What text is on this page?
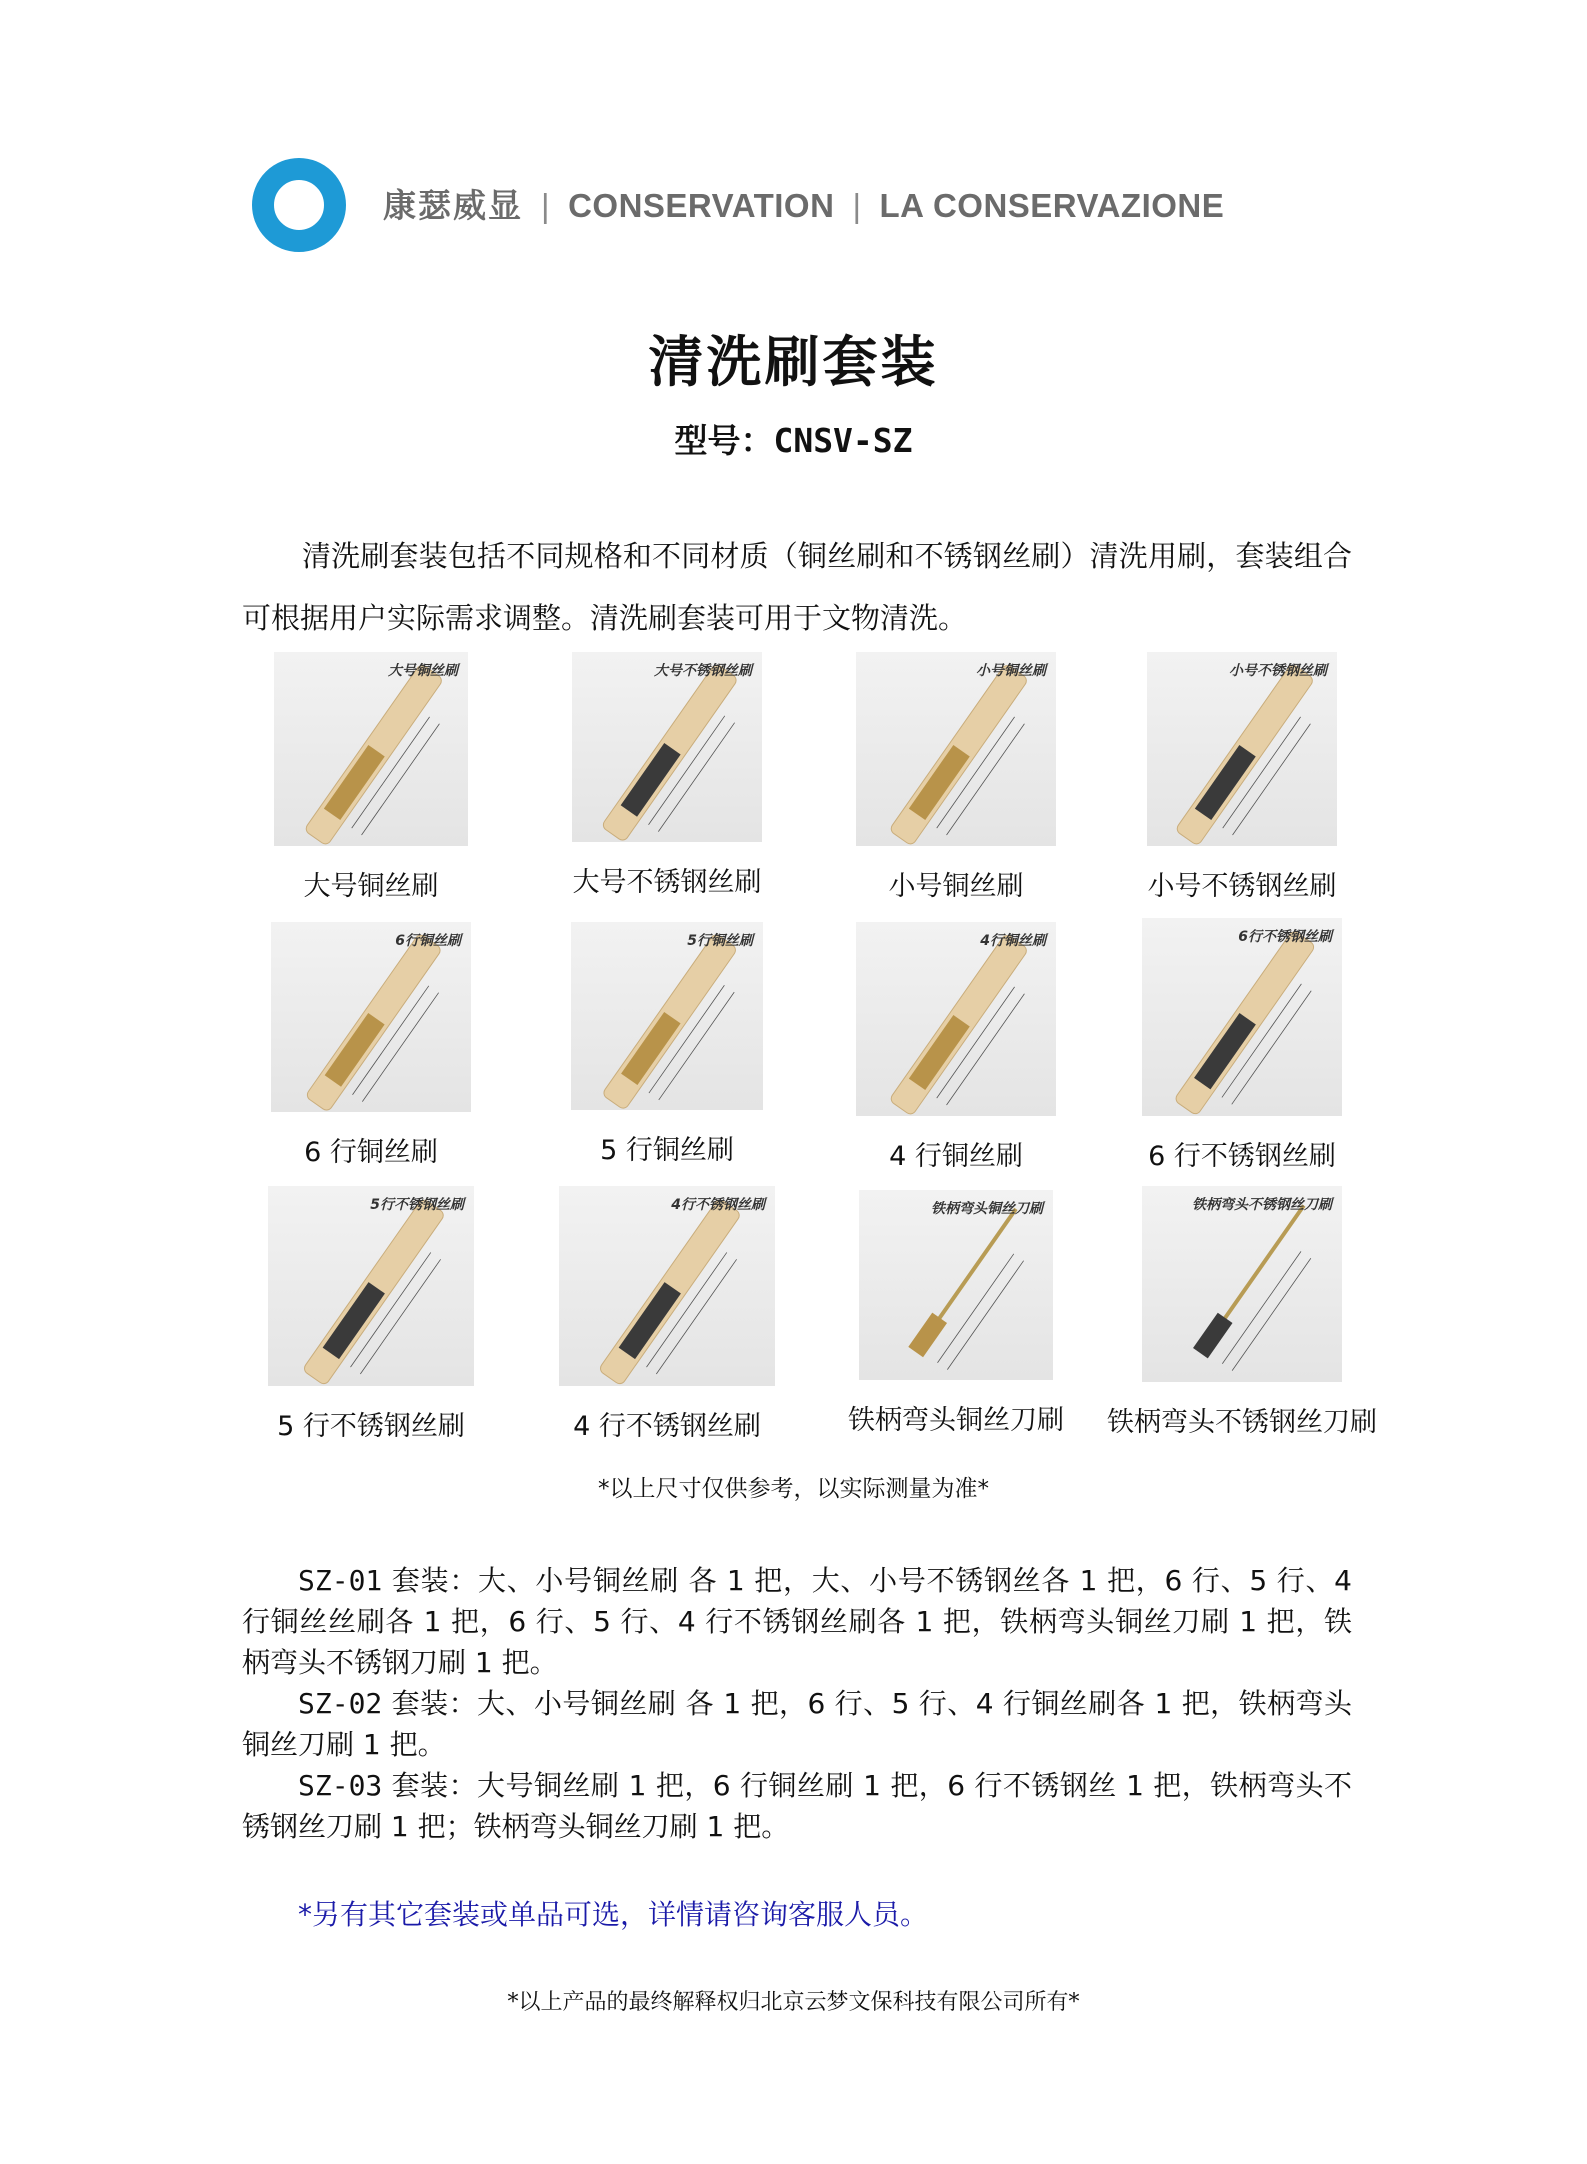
康瑟威显 | CONSERVATION | LA CONSERVAZIONE
清洗刷套装
型号：CNSV-SZ
清洗刷套装包括不同规格和不同材质（铜丝刷和不锈钢丝刷）清洗用刷，套装组合可根据用户实际需求调整。清洗刷套装可用于文物清洗。
大号铜丝刷
大号铜丝刷
大号不锈钢丝刷
大号不锈钢丝刷
小号铜丝刷
小号铜丝刷
小号不锈钢丝刷
小号不锈钢丝刷
6行铜丝刷
6 行铜丝刷
5行铜丝刷
5 行铜丝刷
4行铜丝刷
4 行铜丝刷
6行不锈钢丝刷
6 行不锈钢丝刷
5行不锈钢丝刷
5 行不锈钢丝刷
4行不锈钢丝刷
4 行不锈钢丝刷
铁柄弯头铜丝刀刷
铁柄弯头铜丝刀刷
铁柄弯头不锈钢丝刀刷
铁柄弯头不锈钢丝刀刷
*以上尺寸仅供参考，以实际测量为准*

SZ-01 套装：大、小号铜丝刷 各 1 把，大、小号不锈钢丝各 1 把，6 行、5 行、4 行铜丝丝刷各 1 把，6 行、5 行、4 行不锈钢丝刷各 1 把，铁柄弯头铜丝刀刷 1 把，铁柄弯头不锈钢刀刷 1 把。

SZ-02 套装：大、小号铜丝刷 各 1 把，6 行、5 行、4 行铜丝刷各 1 把，铁柄弯头铜丝刀刷 1 把。

SZ-03 套装：大号铜丝刷 1 把，6 行铜丝刷 1 把，6 行不锈钢丝 1 把，铁柄弯头不锈钢丝刀刷 1 把；铁柄弯头铜丝刀刷 1 把。

*另有其它套装或单品可选，详情请咨询客服人员。
*以上产品的最终解释权归北京云梦文保科技有限公司所有*
